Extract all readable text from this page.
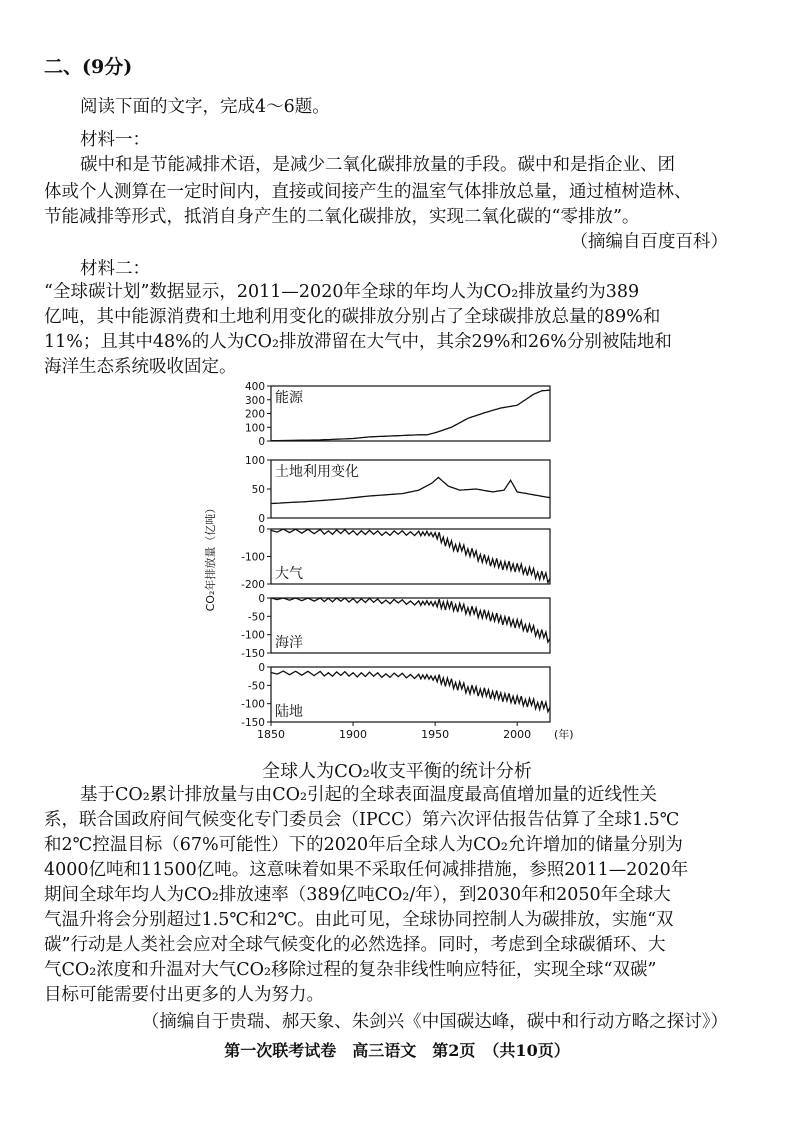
二、(9分)

阅读下面的文字，完成4～6题。

材料一：

碳中和是节能减排术语，是减少二氧化碳排放量的手段。碳中和是指企业、团

体或个人测算在一定时间内，直接或间接产生的温室气体排放总量，通过植树造林、

节能减排等形式，抵消自身产生的二氧化碳排放，实现二氧化碳的“零排放”。

（摘编自百度百科）

材料二：

“全球碳计划”数据显示，2011—2020年全球的年均人为CO₂排放量约为389

亿吨，其中能源消费和土地利用变化的碳排放分别占了全球碳排放总量的89%和

11%；且其中48%的人为CO₂排放滞留在大气中，其余29%和26%分别被陆地和

海洋生态系统吸收固定。

400
300
200
100
0
能源
100
50
0
土地利用变化
0
-100
-200
大气
0
-50
-100
-150
海洋
0
-50
-100
-150
陆地
1850	1900	1950	2000 (年)
CO₂年排放量（亿吨）

全球人为CO₂收支平衡的统计分析

基于CO₂累计排放量与由CO₂引起的全球表面温度最高值增加量的近线性关

系，联合国政府间气候变化专门委员会（IPCC）第六次评估报告估算了全球1.5℃

和2℃控温目标（67%可能性）下的2020年后全球人为CO₂允许增加的储量分别为

4000亿吨和11500亿吨。这意味着如果不采取任何减排措施，参照2011—2020年

期间全球年均人为CO₂排放速率（389亿吨CO₂/年），到2030年和2050年全球大

气温升将会分别超过1.5℃和2℃。由此可见，全球协同控制人为碳排放，实施“双

碳”行动是人类社会应对全球气候变化的必然选择。同时，考虑到全球碳循环、大

气CO₂浓度和升温对大气CO₂移除过程的复杂非线性响应特征，实现全球“双碳”

目标可能需要付出更多的人为努力。

（摘编自于贵瑞、郝天象、朱剑兴《中国碳达峰，碳中和行动方略之探讨》）

第一次联考试卷　高三语文　第2页　（共10页）
